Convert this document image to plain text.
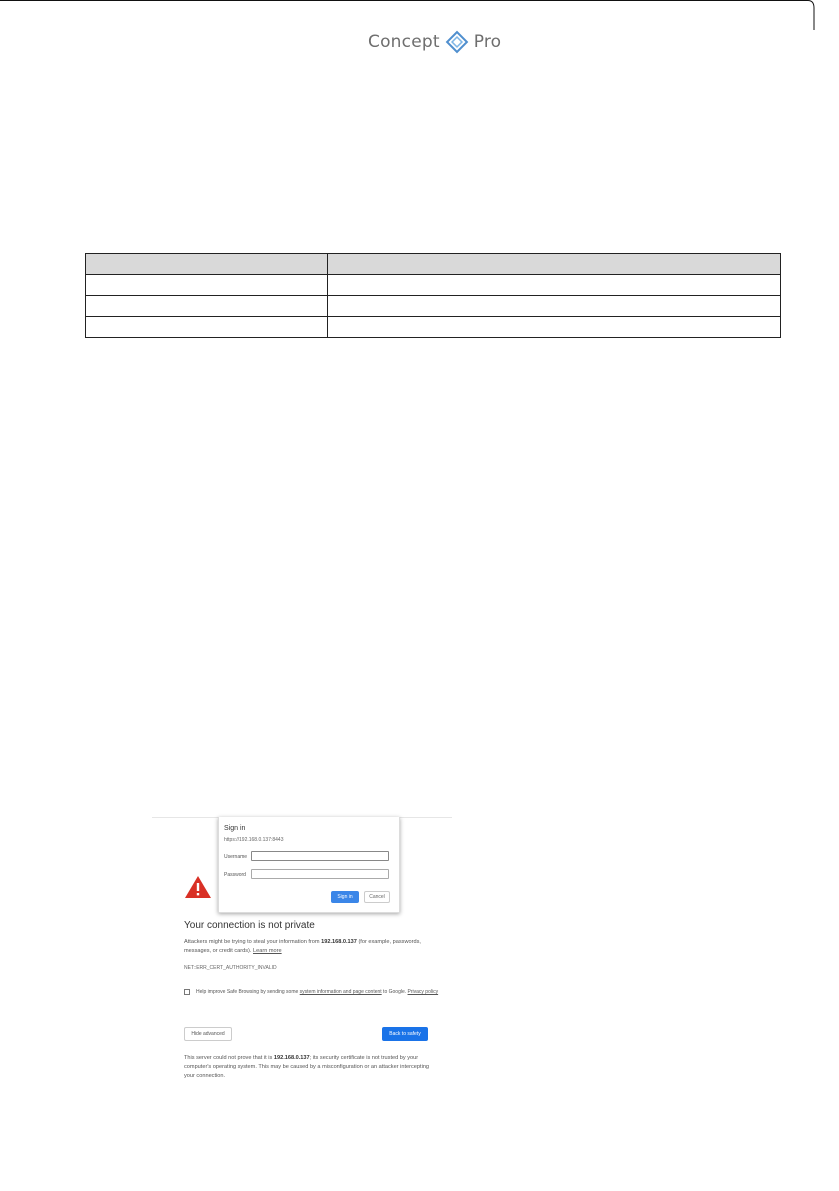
Concept Pro

Sign in
https://192.168.0.137:8443
Username
Password
Sign in	Cancel
Your connection is not private
Attackers might be trying to steal your information from 192.168.0.137 (for example, passwords, messages, or credit cards). Learn more
NET::ERR_CERT_AUTHORITY_INVALID
Help improve Safe Browsing by sending some system information and page content to Google. Privacy policy
Hide advanced	Back to safety
This server could not prove that it is 192.168.0.137; its security certificate is not trusted by your computer's operating system. This may be caused by a misconfiguration or an attacker intercepting your connection.
